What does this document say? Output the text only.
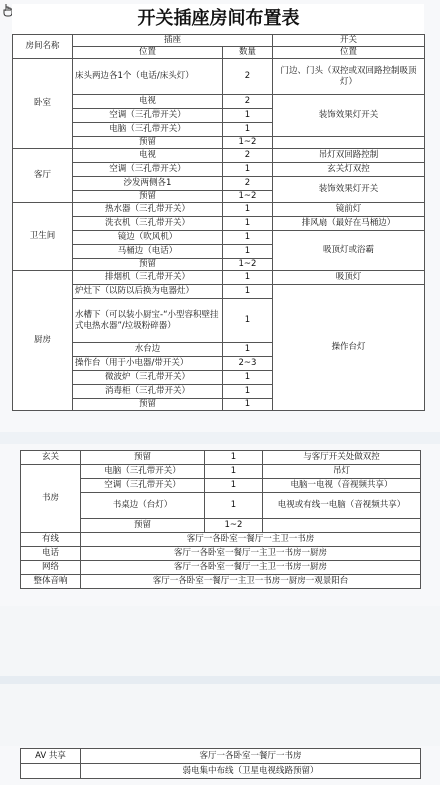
开关插座房间布置表			
房间名称	插座		开关
	位置	数量	位置
卧室	床头两边各1个（电话/床头灯）	2	门边、门头（双控或双回路控制吸顶灯）
	电视	2	装饰效果灯开关
	空调（三孔带开关）	1	
	电脑（三孔带开关）	1	
	预留	1~2	
客厅	电视	2	吊灯双回路控制
	空调（三孔带开关）	1	玄关灯双控
	沙发两侧各1	2	装饰效果灯开关
	预留	1~2	
卫生间	热水器（三孔带开关）	1	镜前灯
	洗衣机（三孔带开关）	1	排风扇（最好在马桶边）
	镜边（吹风机）	1	吸顶灯或浴霸
	马桶边（电话）	1	
	预留	1~2	
厨房	排烟机（三孔带开关）	1	吸顶灯
	炉灶下（以防以后换为电器灶）	1	操作台灯
	水槽下（可以装小厨宝-“小型容积壁挂式电热水器”/垃圾粉碎器）	1	
	水台边	1	
	操作台（用于小电器/带开关）	2~3	
	微波炉（三孔带开关）	1	
	消毒柜（三孔带开关）	1	
	预留	1	
玄关	预留	1	与客厅开关处做双控
书房	电脑（三孔带开关）	1	吊灯
	空调（三孔带开关）	1	电脑一电视（音视频共享）
	书桌边（台灯）	1	电视或有线一电脑（音视频共享）
	预留	1~2	
有线	客厅一各卧室一餐厅一主卫一书房		
电话	客厅一各卧室一餐厅一主卫一书房一厨房		
网络	客厅一各卧室一餐厅一主卫一书房一厨房		
整体音响	客厅一各卧室一餐厅一主卫一书房一厨房一观景阳台		
AV 共享	客厅一各卧室一餐厅一书房
	弱电集中布线（卫星电视线路预留）
